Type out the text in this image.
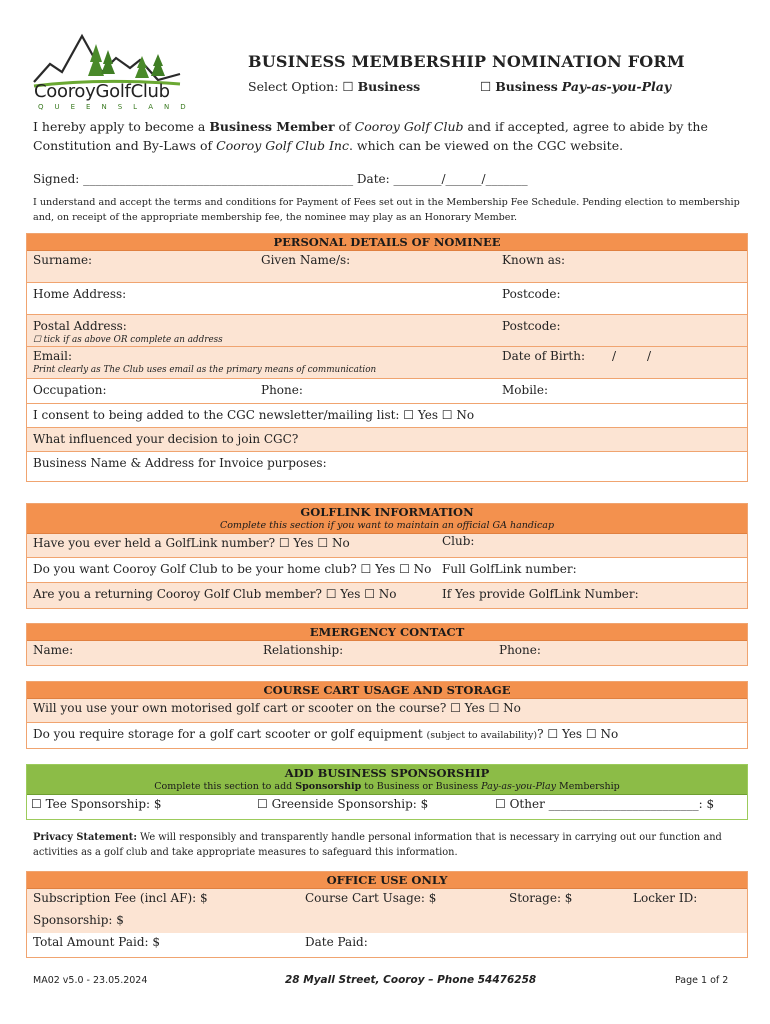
CooroyGolfClub
QUEENSLAND
BUSINESS MEMBERSHIP NOMINATION FORM
Select Option: ☐ Business	☐ Business Pay-as-you-Play
I hereby apply to become a Business Member of Cooroy Golf Club and if accepted, agree to abide by the Constitution and By-Laws of Cooroy Golf Club Inc. which can be viewed on the CGC website.
Signed: _____________________________________________ Date: ________/______/_______
I understand and accept the terms and conditions for Payment of Fees set out in the Membership Fee Schedule. Pending election to membership and, on receipt of the appropriate membership fee, the nominee may play as an Honorary Member.
PERSONAL DETAILS OF NOMINEE
Surname:	Given Name/s:	Known as:
Home Address:	Postcode:
Postal Address:	Postcode:
☐ tick if as above OR complete an address
Email:
Print clearly as The Club uses email as the primary means of communication
Date of Birth: /	/
Occupation:	Phone:	Mobile:
I consent to being added to the CGC newsletter/mailing list: ☐ Yes ☐ No
What influenced your decision to join CGC?
Business Name & Address for Invoice purposes:
GOLFLINK INFORMATION
Complete this section if you want to maintain an official GA handicap
Have you ever held a GolfLink number? ☐ Yes ☐ No	Club:
Do you want Cooroy Golf Club to be your home club? ☐ Yes ☐ No Full GolfLink number:
Are you a returning Cooroy Golf Club member? ☐ Yes ☐ No	If Yes provide GolfLink Number:
EMERGENCY CONTACT
Name:	Relationship:	Phone:
COURSE CART USAGE AND STORAGE
Will you use your own motorised golf cart or scooter on the course? ☐ Yes ☐ No
Do you require storage for a golf cart scooter or golf equipment (subject to availability)? ☐ Yes ☐ No
ADD BUSINESS SPONSORSHIP
Complete this section to add Sponsorship to Business or Business Pay-as-you-Play Membership
☐ Tee Sponsorship: $	☐ Greenside Sponsorship: $	☐ Other _________________________: $
Privacy Statement: We will responsibly and transparently handle personal information that is necessary in carrying out our function and activities as a golf club and take appropriate measures to safeguard this information.
OFFICE USE ONLY
Subscription Fee (incl AF): $	Course Cart Usage: $	Storage: $	Locker ID:
Sponsorship: $
Total Amount Paid: $	Date Paid:
MA02 v5.0 - 23.05.2024	28 Myall Street, Cooroy – Phone 54476258	Page 1 of 2
